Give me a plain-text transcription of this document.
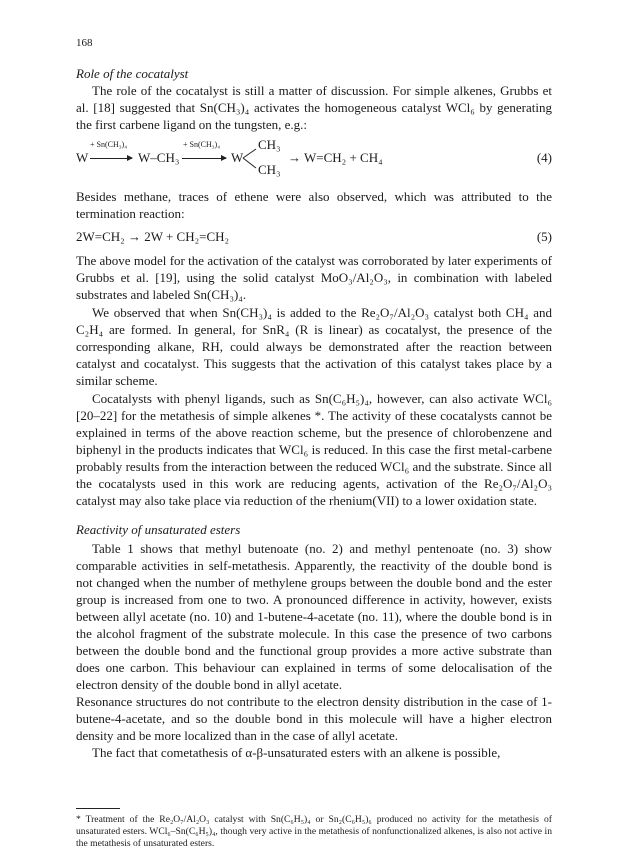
168
Role of the cocatalyst

The role of the cocatalyst is still a matter of discussion. For simple alkenes, Grubbs et al. [18] suggested that Sn(CH₃)₄ activates the homogeneous catalyst WCl₆ by generating the first carbene ligand on the tungsten, e.g.:

W
+ Sn(CH₃)₄
→ W–CH₃
+ Sn(CH₃)₄
→ W
CH₃
CH₃
→ W=CH₂ + CH₄	(4)

Besides methane, traces of ethene were also observed, which was attributed to the termination reaction:

2W=CH₂ → 2W + CH₂=CH₂	(5)

The above model for the activation of the catalyst was corroborated by later experiments of Grubbs et al. [19], using the solid catalyst MoO₃/Al₂O₃, in combination with labeled substrates and labeled Sn(CH₃)₄.

We observed that when Sn(CH₃)₄ is added to the Re₂O₇/Al₂O₃ catalyst both CH₄ and C₂H₄ are formed. In general, for SnR₄ (R is linear) as cocatalyst, the presence of the corresponding alkane, RH, could always be demonstrated after the reaction between catalyst and cocatalyst. This suggests that the activation of this catalyst takes place by a similar scheme.

Cocatalysts with phenyl ligands, such as Sn(C₆H₅)₄, however, can also activate WCl₆ [20–22] for the metathesis of simple alkenes *. The activity of these cocatalysts cannot be explained in terms of the above reaction scheme, but the presence of chlorobenzene and biphenyl in the products indicates that WCl₆ is reduced. In this case the first metal-carbene probably results from the interaction between the reduced WCl₆ and the substrate. Since all the cocatalysts used in this work are reducing agents, activation of the Re₂O₇/Al₂O₃ catalyst may also take place via reduction of the rhenium(VII) to a lower oxidation state.

Reactivity of unsaturated esters

Table 1 shows that methyl butenoate (no. 2) and methyl pentenoate (no. 3) show comparable activities in self-metathesis. Apparently, the reactivity of the double bond is not changed when the number of methylene groups between the double bond and the ester group is increased from one to two. A pronounced difference in activity, however, exists between allyl acetate (no. 10) and 1-butene-4-acetate (no. 11), where the double bond is in the alcohol fragment of the substrate molecule. In this case the presence of two carbons between the double bond and the functional group provides a more active substrate than does one carbon. This behaviour can explained in terms of some delocalisation of the electron density of the double bond in allyl acetate.

Resonance structures do not contribute to the electron density distribution in the case of 1-butene-4-acetate, and so the double bond in this molecule will have a higher electron density and be more localized than in the case of allyl acetate.

The fact that cometathesis of α-β-unsaturated esters with an alkene is possible,

* Treatment of the Re₂O₇/Al₂O₃ catalyst with Sn(C₆H₅)₄ or Sn₂(C₆H₅)₆ produced no activity for the metathesis of unsaturated esters. WCl₆–Sn(C₆H₅)₄, though very active in the metathesis of nonfunctionalized alkenes, is also not active in the metathesis of unsaturated esters.
